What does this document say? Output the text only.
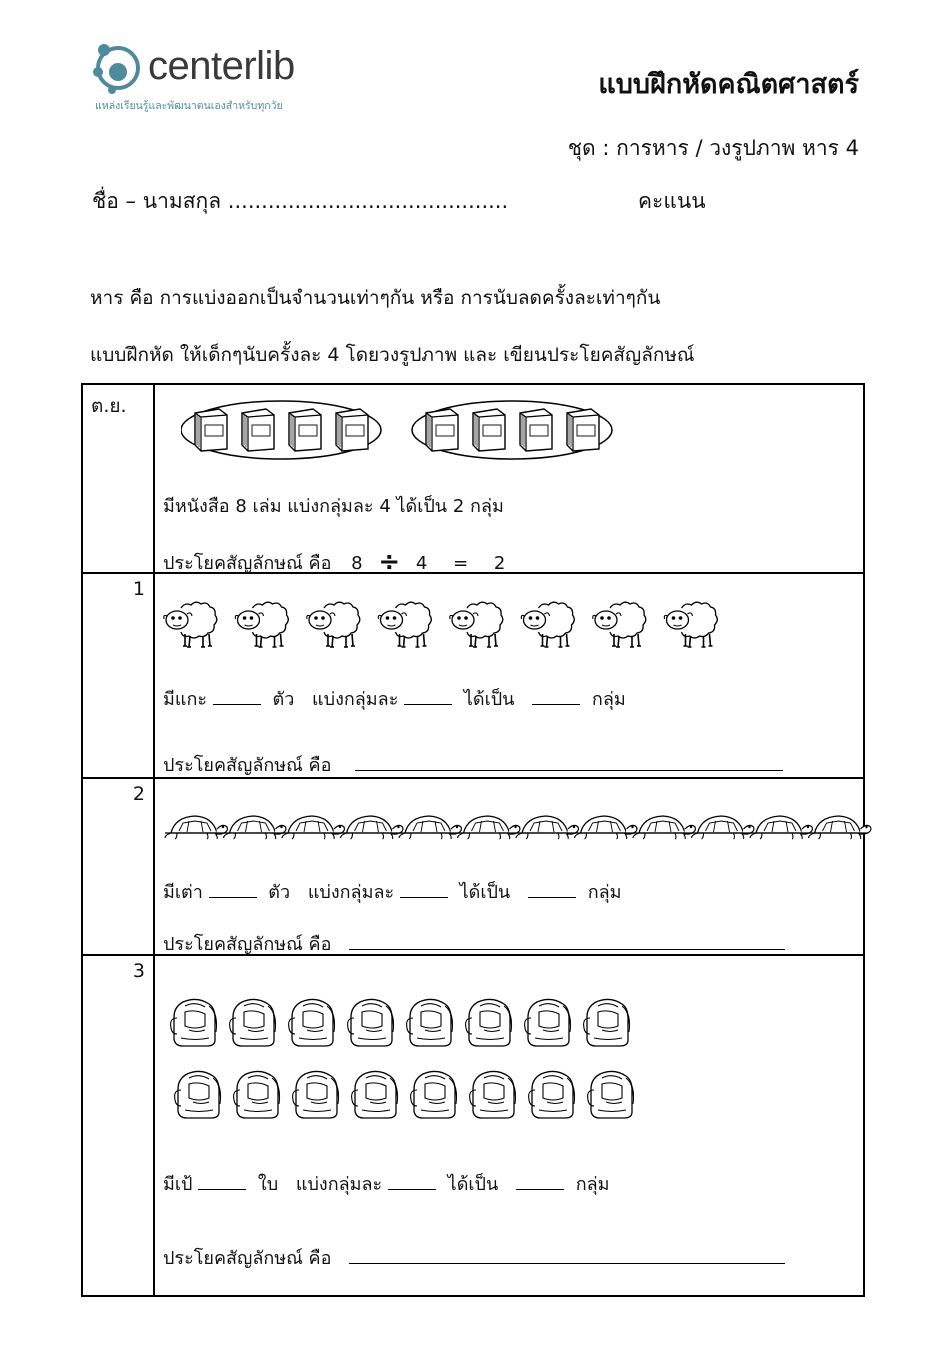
centerlib
แหล่งเรียนรู้และพัฒนาตนเองสำหรับทุกวัย
แบบฝึกหัดคณิตศาสตร์
ชุด : การหาร / วงรูปภาพ หาร 4
ชื่อ – นามสกุล ..........................................	คะแนน
หาร คือ การแบ่งออกเป็นจำนวนเท่าๆกัน หรือ การนับลดครั้งละเท่าๆกัน
แบบฝึกหัด ให้เด็กๆนับครั้งละ 4 โดยวงรูปภาพ และ เขียนประโยคสัญลักษณ์
ต.ย.	มีหนังสือ 8 เล่ม แบ่งกลุ่มละ 4 ได้เป็น 2 กลุ่ม
ประโยคสัญลักษณ์ คือ 8 ÷ 4 = 2

1	มีแกะ ตัว แบ่งกลุ่มละ ได้เป็น กลุ่ม
ประโยคสัญลักษณ์ คือ

2	มีเต่า ตัว แบ่งกลุ่มละ ได้เป็น กลุ่ม
ประโยคสัญลักษณ์ คือ

3	มีเป้ ใบ แบ่งกลุ่มละ ได้เป็น กลุ่ม
ประโยคสัญลักษณ์ คือ
